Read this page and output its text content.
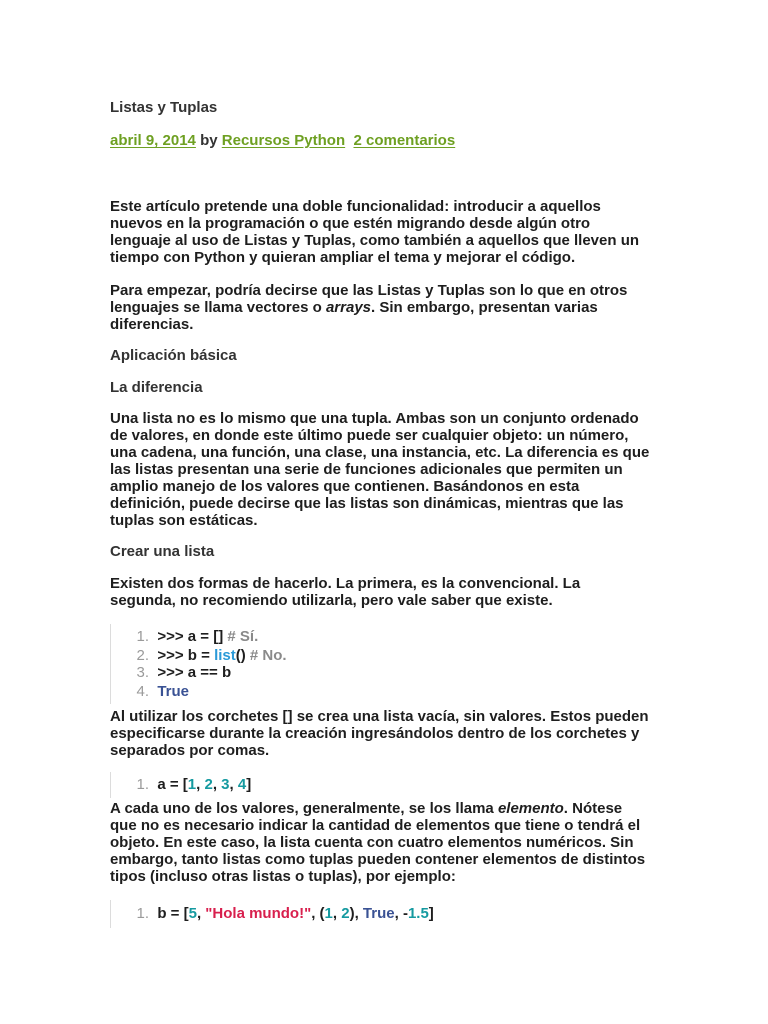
Listas y Tuplas
abril 9, 2014 by Recursos Python 2 comentarios
Este artículo pretende una doble funcionalidad: introducir a aquellos nuevos en la programación o que estén migrando desde algún otro lenguaje al uso de Listas y Tuplas, como también a aquellos que lleven un tiempo con Python y quieran ampliar el tema y mejorar el código.
Para empezar, podría decirse que las Listas y Tuplas son lo que en otros lenguajes se llama vectores o arrays. Sin embargo, presentan varias diferencias.
Aplicación básica
La diferencia
Una lista no es lo mismo que una tupla. Ambas son un conjunto ordenado de valores, en donde este último puede ser cualquier objeto: un número, una cadena, una función, una clase, una instancia, etc. La diferencia es que las listas presentan una serie de funciones adicionales que permiten un amplio manejo de los valores que contienen. Basándonos en esta definición, puede decirse que las listas son dinámicas, mientras que las tuplas son estáticas.
Crear una lista
Existen dos formas de hacerlo. La primera, es la convencional. La segunda, no recomiendo utilizarla, pero vale saber que existe.
1. >>> a = [] # Sí.
2. >>> b = list() # No.
3. >>> a == b
4. True
Al utilizar los corchetes [] se crea una lista vacía, sin valores. Estos pueden especificarse durante la creación ingresándolos dentro de los corchetes y separados por comas.
1. a = [1, 2, 3, 4]
A cada uno de los valores, generalmente, se los llama elemento. Nótese que no es necesario indicar la cantidad de elementos que tiene o tendrá el objeto. En este caso, la lista cuenta con cuatro elementos numéricos. Sin embargo, tanto listas como tuplas pueden contener elementos de distintos tipos (incluso otras listas o tuplas), por ejemplo:
1. b = [5, "Hola mundo!", (1, 2), True, -1.5]
